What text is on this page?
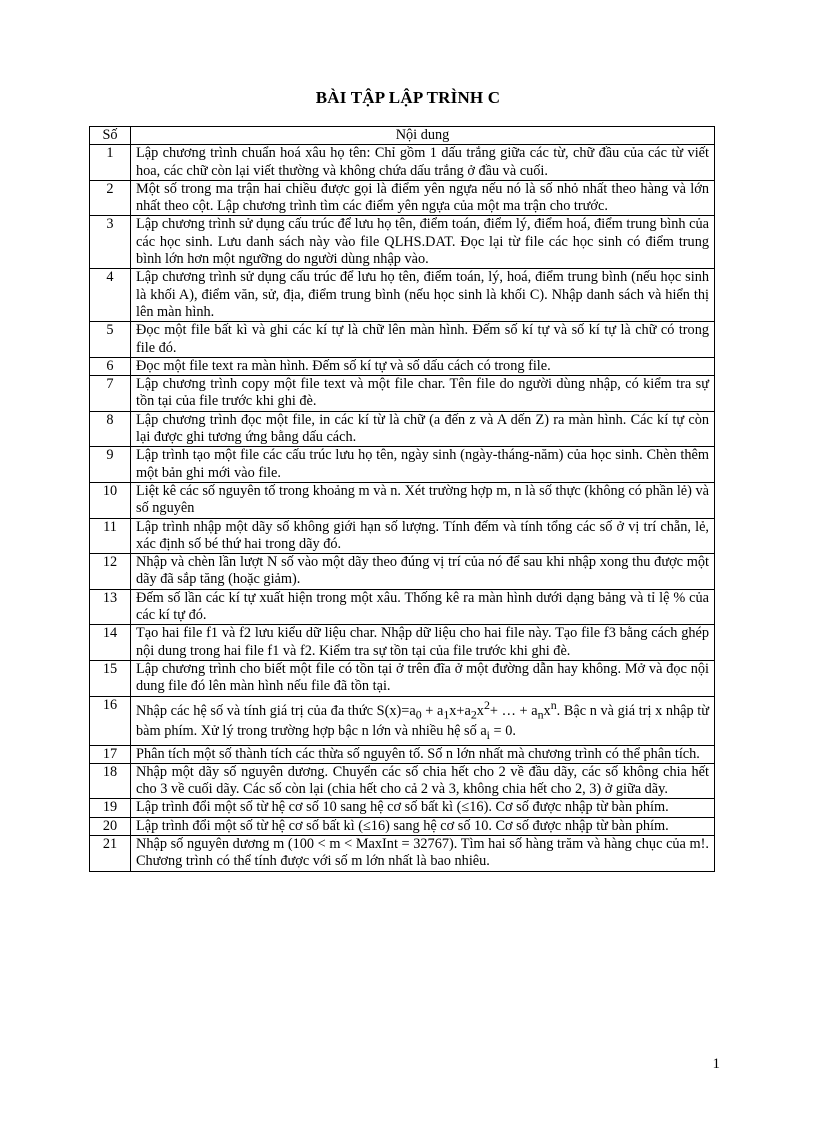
BÀI TẬP LẬP TRÌNH C
Số	Nội dung
1	Lập chương trình chuẩn hoá xâu họ tên: Chỉ gồm 1 dấu trắng giữa các từ, chữ đầu của các từ viết hoa, các chữ còn lại viết thường và không chứa dấu trắng ở đầu và cuối.
2	Một số trong ma trận hai chiều được gọi là điểm yên ngựa nếu nó là số nhỏ nhất theo hàng và lớn nhất theo cột. Lập chương trình tìm các điểm yên ngựa của một ma trận cho trước.
3	Lập chương trình sử dụng cấu trúc để lưu họ tên, điểm toán, điểm lý, điểm hoá, điểm trung bình của các học sinh. Lưu danh sách này vào file QLHS.DAT. Đọc lại từ file các học sinh có điểm trung bình lớn hơn một ngưỡng do người dùng nhập vào.
4	Lập chương trình sử dụng cấu trúc để lưu họ tên, điểm toán, lý, hoá, điểm trung bình (nếu học sinh là khối A), điểm văn, sử, địa, điểm trung bình (nếu học sinh là khối C). Nhập danh sách và hiển thị lên màn hình.
5	Đọc một file bất kì và ghi các kí tự là chữ lên màn hình. Đếm số kí tự và số kí tự là chữ có trong file đó.
6	Đọc một file text ra màn hình. Đếm số kí tự và số dấu cách có trong file.
7	Lập chương trình copy một file text và một file char. Tên file do người dùng nhập, có kiểm tra sự tồn tại của file trước khi ghi đè.
8	Lập chương trình đọc một file, in các kí từ là chữ (a đến z và A dến Z) ra màn hình. Các kí tự còn lại được ghi tương ứng bằng dấu cách.
9	Lập trình tạo một file các cấu trúc lưu họ tên, ngày sinh (ngày-tháng-năm) của học sinh. Chèn thêm một bản ghi mới vào file.
10	Liệt kê các số nguyên tố trong khoảng m và n. Xét trường hợp m, n là số thực (không có phần lẻ) và số nguyên
11	Lập trình nhập một dãy số không giới hạn số lượng. Tính đếm và tính tổng các số ở vị trí chẵn, lẻ, xác định số bé thứ hai trong dãy đó.
12	Nhập và chèn lần lượt N số vào một dãy theo đúng vị trí của nó để sau khi nhập xong thu được một dãy đã sắp tăng (hoặc giảm).
13	Đếm số lần các kí tự xuất hiện trong một xâu. Thống kê ra màn hình dưới dạng bảng và tỉ lệ % của các kí tự đó.
14	Tạo hai file f1 và f2 lưu kiểu dữ liệu char. Nhập dữ liệu cho hai file này. Tạo file f3 bằng cách ghép nội dung trong hai file f1 và f2. Kiểm tra sự tồn tại của file trước khi ghi đè.
15	Lập chương trình cho biết một file có tồn tại ở trên đĩa ở một đường dẫn hay không. Mở và đọc nội dung file đó lên màn hình nếu file đã tồn tại.
16	Nhập các hệ số và tính giá trị của đa thức $S(x)=a_0 + a_1x+a_2x^2+$ … + $a_nx^n$. Bậc n và giá trị x nhập từ bàm phím. Xử lý trong trường hợp bậc n lớn và nhiều hệ số $a_i = 0$.
17	Phân tích một số thành tích các thừa số nguyên tố. Số n lớn nhất mà chương trình có thể phân tích.
18	Nhập một dãy số nguyên dương. Chuyển các số chia hết cho 2 về đầu dãy, các số không chia hết cho 3 về cuối dãy. Các số còn lại (chia hết cho cả 2 và 3, không chia hết cho 2, 3) ở giữa dãy.
19	Lập trình đổi một số từ hệ cơ số 10 sang hệ cơ số bất kì (≤16). Cơ số được nhập từ bàn phím.
20	Lập trình đổi một số từ hệ cơ số bất kì (≤16) sang hệ cơ số 10. Cơ số được nhập từ bàn phím.
21	Nhập số nguyên dương m (100 < m < MaxInt = 32767). Tìm hai số hàng trăm và hàng chục của m!. Chương trình có thể tính được với số m lớn nhất là bao nhiêu.
1
